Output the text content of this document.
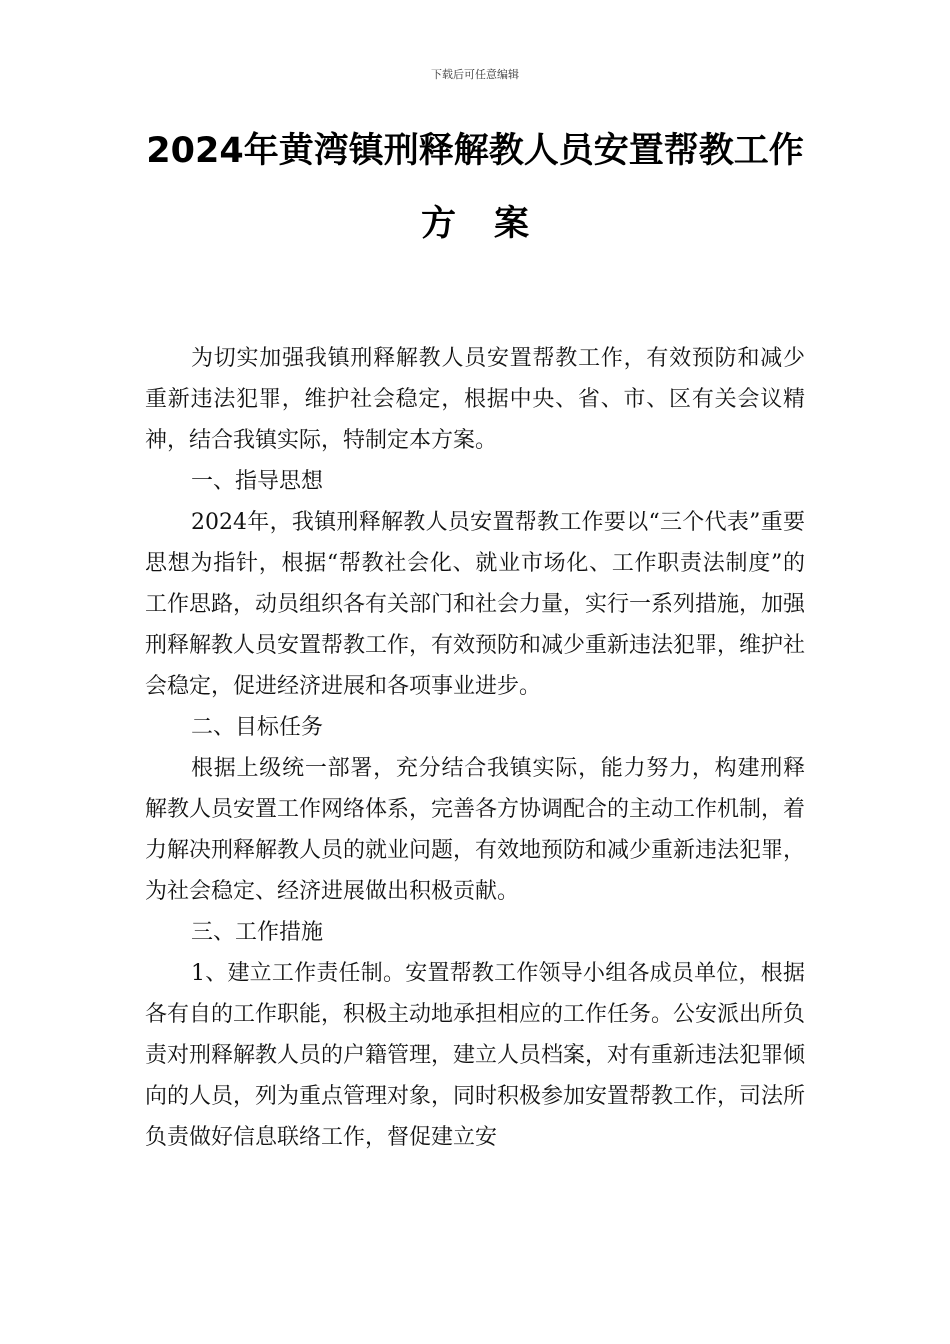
下载后可任意编辑
2024年黄湾镇刑释解教人员安置帮教工作
方案

为切实加强我镇刑释解教人员安置帮教工作，有效预防和减少重新违法犯罪，维护社会稳定，根据中央、省、市、区有关会议精神，结合我镇实际，特制定本方案。

一、指导思想

2024年，我镇刑释解教人员安置帮教工作要以“三个代表”重要思想为指针，根据“帮教社会化、就业市场化、工作职责法制度”的工作思路，动员组织各有关部门和社会力量，实行一系列措施，加强刑释解教人员安置帮教工作，有效预防和减少重新违法犯罪，维护社会稳定，促进经济进展和各项事业进步。

二、目标任务

根据上级统一部署，充分结合我镇实际，能力努力，构建刑释解教人员安置工作网络体系，完善各方协调配合的主动工作机制，着力解决刑释解教人员的就业问题，有效地预防和减少重新违法犯罪，为社会稳定、经济进展做出积极贡献。

三、工作措施

1、建立工作责任制。安置帮教工作领导小组各成员单位，根据各有自的工作职能，积极主动地承担相应的工作任务。公安派出所负责对刑释解教人员的户籍管理，建立人员档案，对有重新违法犯罪倾向的人员，列为重点管理对象，同时积极参加安置帮教工作，司法所负责做好信息联络工作，督促建立安
